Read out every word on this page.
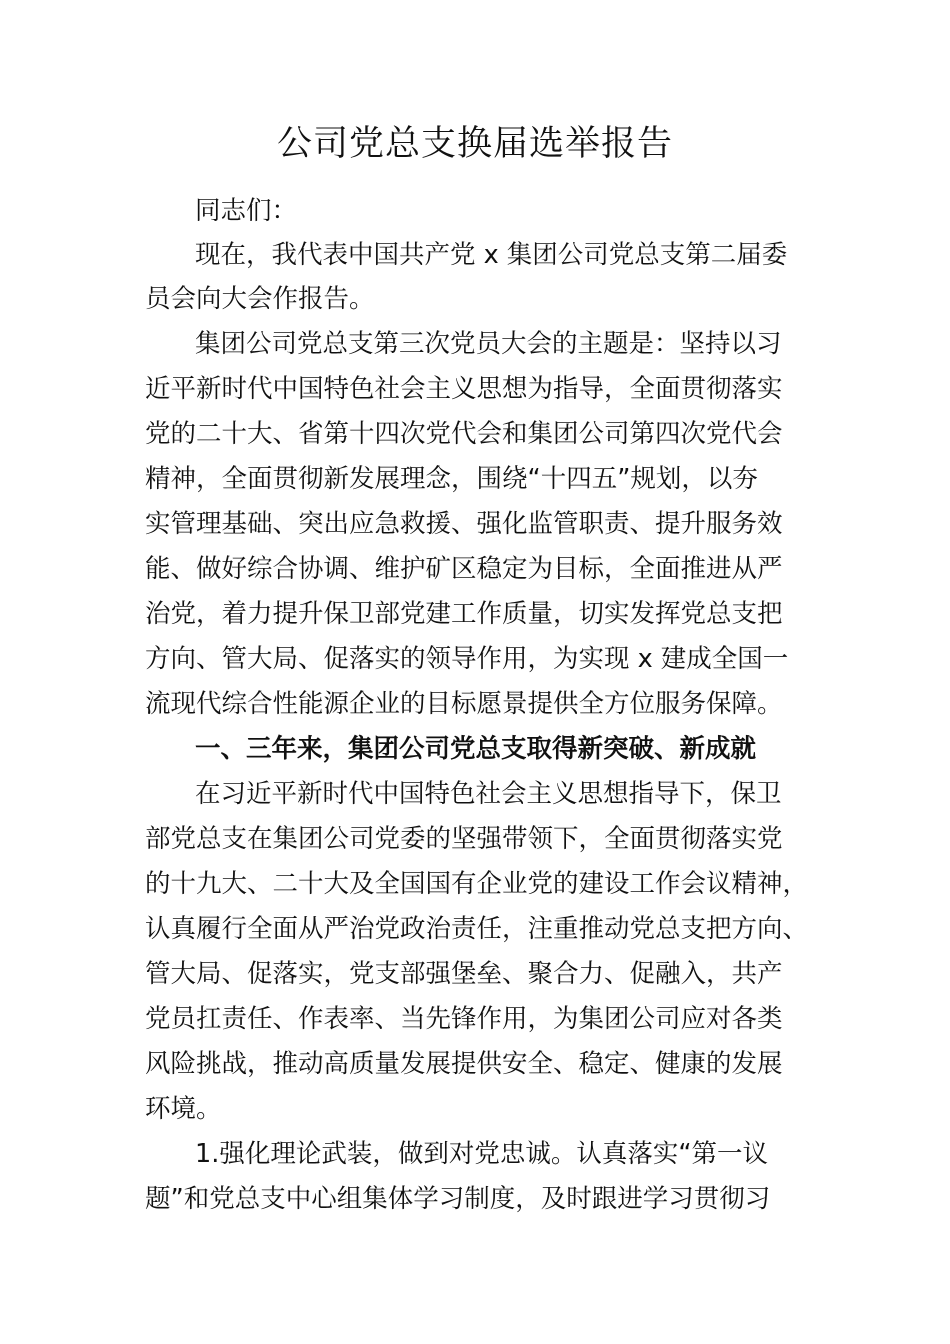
公司党总支换届选举报告

同志们：

现在，我代表中国共产党 x 集团公司党总支第二届委

员会向大会作报告。

集团公司党总支第三次党员大会的主题是：坚持以习

近平新时代中国特色社会主义思想为指导，全面贯彻落实

党的二十大、省第十四次党代会和集团公司第四次党代会

精神，全面贯彻新发展理念，围绕“十四五”规划，以夯

实管理基础、突出应急救援、强化监管职责、提升服务效

能、做好综合协调、维护矿区稳定为目标，全面推进从严

治党，着力提升保卫部党建工作质量，切实发挥党总支把

方向、管大局、促落实的领导作用，为实现 x 建成全国一

流现代综合性能源企业的目标愿景提供全方位服务保障。

一、三年来，集团公司党总支取得新突破、新成就

在习近平新时代中国特色社会主义思想指导下，保卫

部党总支在集团公司党委的坚强带领下，全面贯彻落实党

的十九大、二十大及全国国有企业党的建设工作会议精神，

认真履行全面从严治党政治责任，注重推动党总支把方向、

管大局、促落实，党支部强堡垒、聚合力、促融入，共产

党员扛责任、作表率、当先锋作用，为集团公司应对各类

风险挑战，推动高质量发展提供安全、稳定、健康的发展

环境。

1.强化理论武装，做到对党忠诚。认真落实“第一议

题”和党总支中心组集体学习制度，及时跟进学习贯彻习
